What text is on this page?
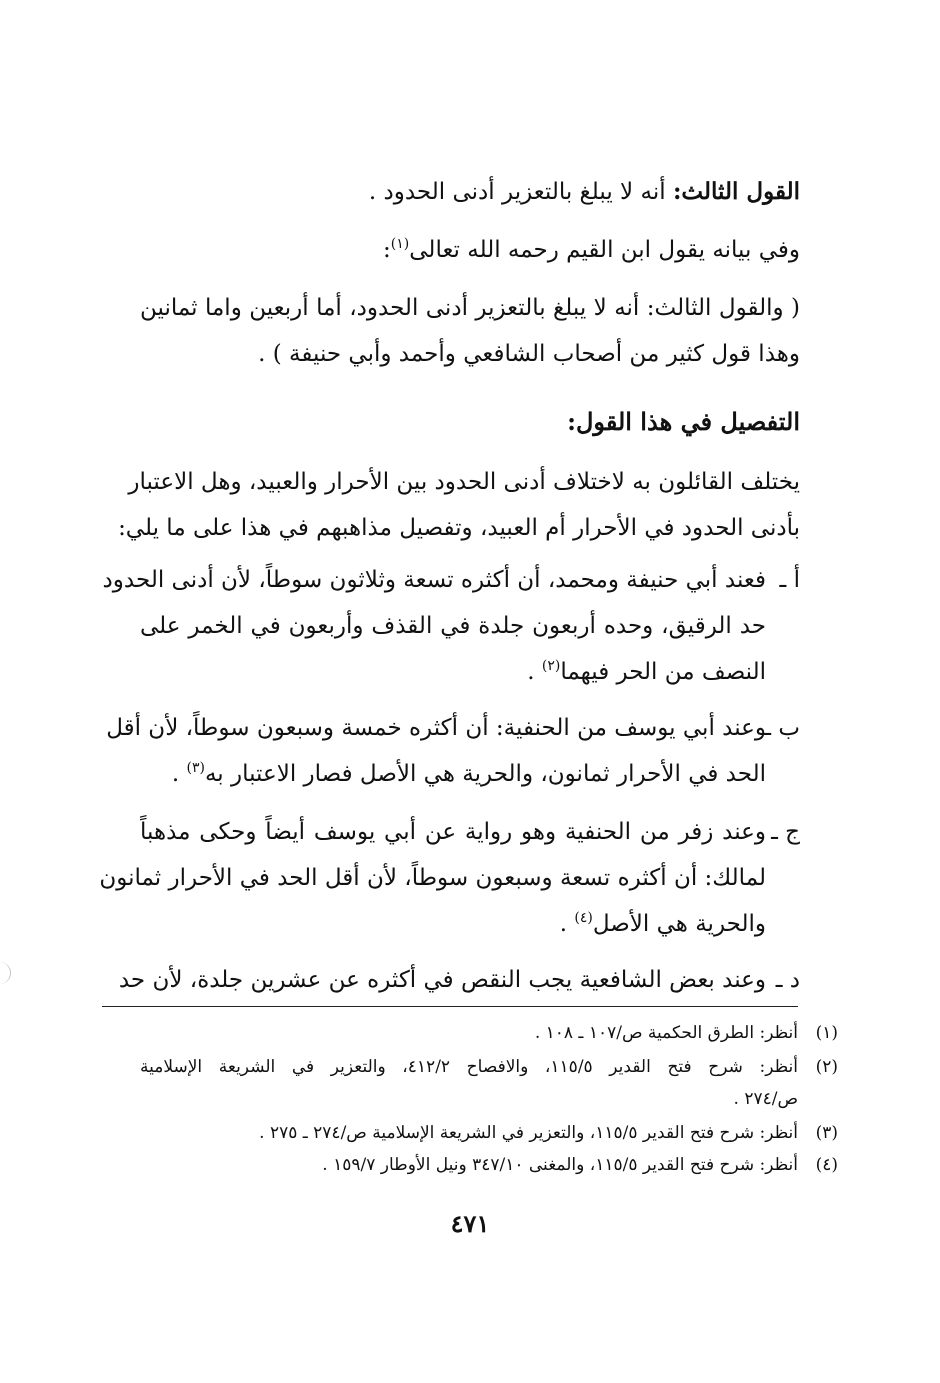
القول الثالث: أنه لا يبلغ بالتعزير أدنى الحدود .
وفي بيانه يقول ابن القيم رحمه الله تعالى$^{(١)}$:
( والقول الثالث: أنه لا يبلغ بالتعزير أدنى الحدود، أما أربعين واما ثمانين
وهذا قول كثير من أصحاب الشافعي وأحمد وأبي حنيفة ) .
التفصيل في هذا القول:
يختلف القائلون به لاختلاف أدنى الحدود بين الأحرار والعبيد، وهل الاعتبار
بأدنى الحدود في الأحرار أم العبيد، وتفصيل مذاهبهم في هذا على ما يلي:
أ ـ
فعند أبي حنيفة ومحمد، أن أكثره تسعة وثلاثون سوطاً، لأن أدنى الحدود
حد الرقيق، وحده أربعون جلدة في القذف وأربعون في الخمر على
النصف من الحر فيهما$^{(٢)}$ .
ب ـ
وعند أبي يوسف من الحنفية: أن أكثره خمسة وسبعون سوطاً، لأن أقل
الحد في الأحرار ثمانون، والحرية هي الأصل فصار الاعتبار به$^{(٣)}$ .
ج ـ
وعند زفر من الحنفية وهو رواية عن أبي يوسف أيضاً وحكى مذهباً
لمالك: أن أكثره تسعة وسبعون سوطاً، لأن أقل الحد في الأحرار ثمانون
والحرية هي الأصل$^{(٤)}$ .
د ـ
وعند بعض الشافعية يجب النقص في أكثره عن عشرين جلدة، لأن حد
(١)
أنظر: الطرق الحكمية ص/١٠٧ ـ ١٠٨ .
(٢)
أنظر: شرح فتح القدير ١١٥/٥، والافصاح ٤١٢/٢، والتعزير في الشريعة الإسلامية
ص/٢٧٤ .
(٣)
أنظر: شرح فتح القدير ١١٥/٥، والتعزير في الشريعة الإسلامية ص/٢٧٤ ـ ٢٧٥ .
(٤)
أنظر: شرح فتح القدير ١١٥/٥، والمغنى ٣٤٧/١٠ ونيل الأوطار ١٥٩/٧ .
٤٧١
